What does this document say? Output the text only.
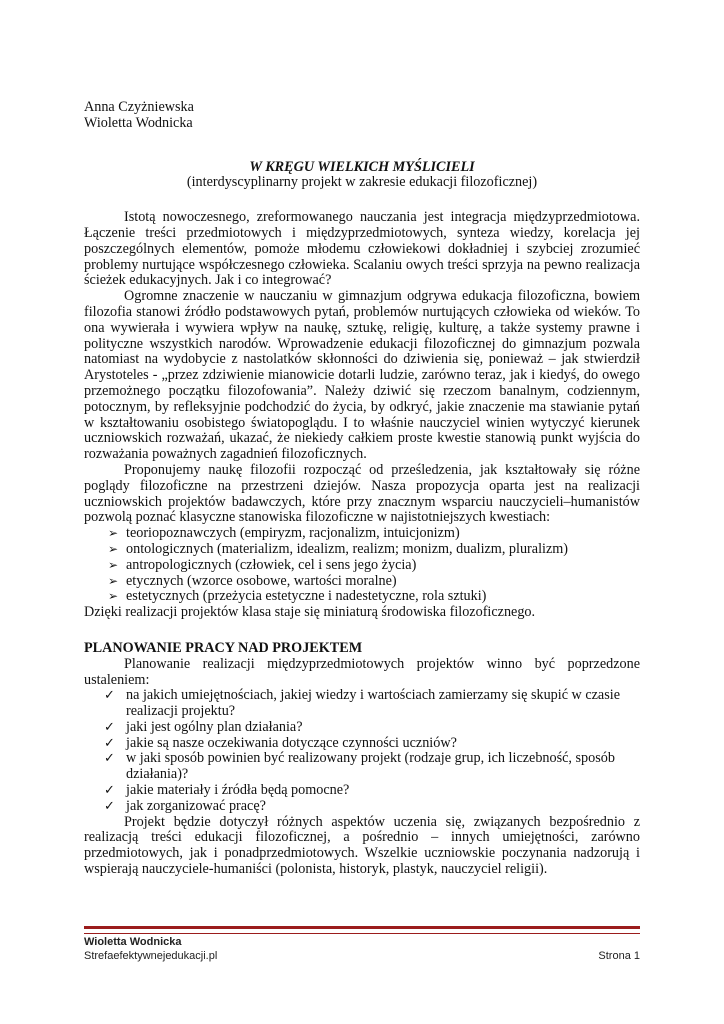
Anna Czyżniewska
Wioletta Wodnicka
W KRĘGU WIELKICH MYŚLICIELI
(interdyscyplinarny projekt w zakresie edukacji filozoficznej)

Istotą nowoczesnego, zreformowanego nauczania jest integracja międzyprzedmiotowa. Łączenie treści przedmiotowych i międzyprzedmiotowych, synteza wiedzy, korelacja jej poszczególnych elementów, pomoże młodemu człowiekowi dokładniej i szybciej zrozumieć problemy nurtujące współczesnego człowieka. Scalaniu owych treści sprzyja na pewno realizacja ścieżek edukacyjnych. Jak i co integrować?

Ogromne znaczenie w nauczaniu w gimnazjum odgrywa edukacja filozoficzna, bowiem filozofia stanowi źródło podstawowych pytań, problemów nurtujących człowieka od wieków. To ona wywierała i wywiera wpływ na naukę, sztukę, religię, kulturę, a także systemy prawne i polityczne wszystkich narodów. Wprowadzenie edukacji filozoficznej do gimnazjum pozwala natomiast na wydobycie z nastolatków skłonności do dziwienia się, ponieważ – jak stwierdził Arystoteles - „przez zdziwienie mianowicie dotarli ludzie, zarówno teraz, jak i kiedyś, do owego przemożnego początku filozofowania”. Należy dziwić się rzeczom banalnym, codziennym, potocznym, by refleksyjnie podchodzić do życia, by odkryć, jakie znaczenie ma stawianie pytań w kształtowaniu osobistego światopoglądu. I to właśnie nauczyciel winien wytyczyć kierunek uczniowskich rozważań, ukazać, że niekiedy całkiem proste kwestie stanowią punkt wyjścia do rozważania poważnych zagadnień filozoficznych.

Proponujemy naukę filozofii rozpocząć od prześledzenia, jak kształtowały się różne poglądy filozoficzne na przestrzeni dziejów. Nasza propozycja oparta jest na realizacji uczniowskich projektów badawczych, które przy znacznym wsparciu nauczycieli–humanistów pozwolą poznać klasyczne stanowiska filozoficzne w najistotniejszych kwestiach:

➢ teoriopoznawczych (empiryzm, racjonalizm, intuicjonizm)
➢ ontologicznych (materializm, idealizm, realizm; monizm, dualizm, pluralizm)
➢ antropologicznych (człowiek, cel i sens jego życia)
➢ etycznych (wzorce osobowe, wartości moralne)
➢ estetycznych (przeżycia estetyczne i nadestetyczne, rola sztuki)

Dzięki realizacji projektów klasa staje się miniaturą środowiska filozoficznego.

PLANOWANIE PRACY NAD PROJEKTEM

Planowanie realizacji międzyprzedmiotowych projektów winno być poprzedzone ustaleniem:

✓ na jakich umiejętnościach, jakiej wiedzy i wartościach zamierzamy się skupić w czasie realizacji projektu?
✓ jaki jest ogólny plan działania?
✓ jakie są nasze oczekiwania dotyczące czynności uczniów?
✓ w jaki sposób powinien być realizowany projekt (rodzaje grup, ich liczebność, sposób działania)?
✓ jakie materiały i źródła będą pomocne?
✓ jak zorganizować pracę?

Projekt będzie dotyczył różnych aspektów uczenia się, związanych bezpośrednio z realizacją treści edukacji filozoficznej, a pośrednio – innych umiejętności, zarówno przedmiotowych, jak i ponadprzedmiotowych. Wszelkie uczniowskie poczynania nadzorują i wspierają nauczyciele-humaniści (polonista, historyk, plastyk, nauczyciel religii).

Wioletta Wodnicka
Strefaefektywnejedukacji.pl	Strona 1
